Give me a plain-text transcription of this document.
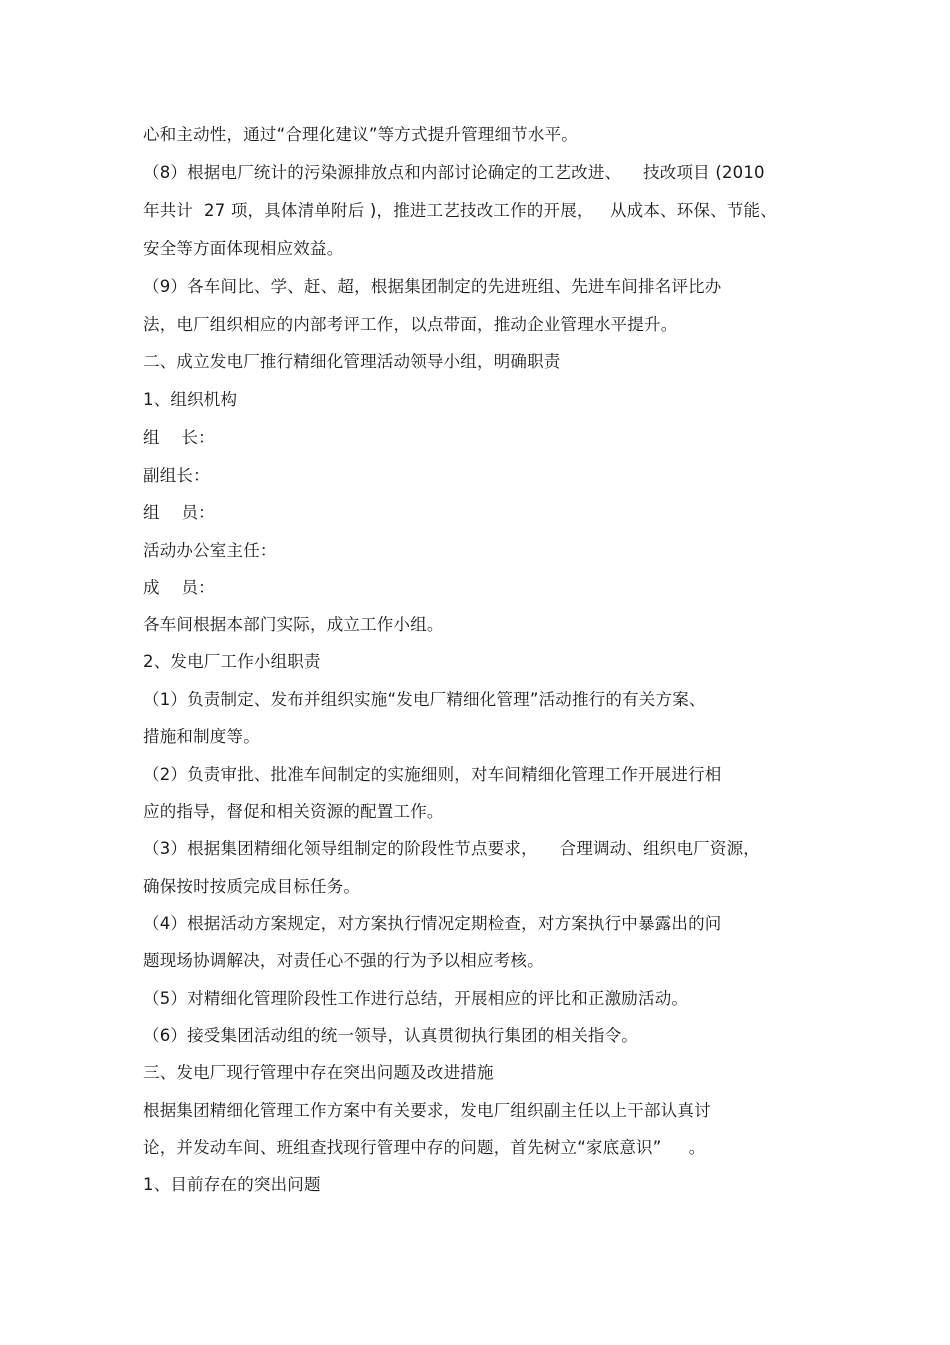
心和主动性，通过“合理化建议”等方式提升管理细节水平。
（8）根据电厂统计的污染源排放点和内部讨论确定的工艺改进、    技改项目 (2010
年共计  27 项，具体清单附后 )，推进工艺技改工作的开展，   从成本、环保、节能、
安全等方面体现相应效益。
（9）各车间比、学、赶、超，根据集团制定的先进班组、先进车间排名评比办
法，电厂组织相应的内部考评工作，以点带面，推动企业管理水平提升。
二、成立发电厂推行精细化管理活动领导小组，明确职责
1、组织机构
组    长：
副组长：
组    员：
活动办公室主任：
成    员：
各车间根据本部门实际，成立工作小组。
2、发电厂工作小组职责
（1）负责制定、发布并组织实施“发电厂精细化管理”活动推行的有关方案、
措施和制度等。
（2）负责审批、批准车间制定的实施细则，对车间精细化管理工作开展进行相
应的指导，督促和相关资源的配置工作。
（3）根据集团精细化领导组制定的阶段性节点要求，    合理调动、组织电厂资源，
确保按时按质完成目标任务。
（4）根据活动方案规定，对方案执行情况定期检查，对方案执行中暴露出的问
题现场协调解决，对责任心不强的行为予以相应考核。
（5）对精细化管理阶段性工作进行总结，开展相应的评比和正激励活动。
（6）接受集团活动组的统一领导，认真贯彻执行集团的相关指令。
三、发电厂现行管理中存在突出问题及改进措施
根据集团精细化管理工作方案中有关要求，发电厂组织副主任以上干部认真讨
论，并发动车间、班组查找现行管理中存的问题，首先树立“家底意识”     。
1、目前存在的突出问题
